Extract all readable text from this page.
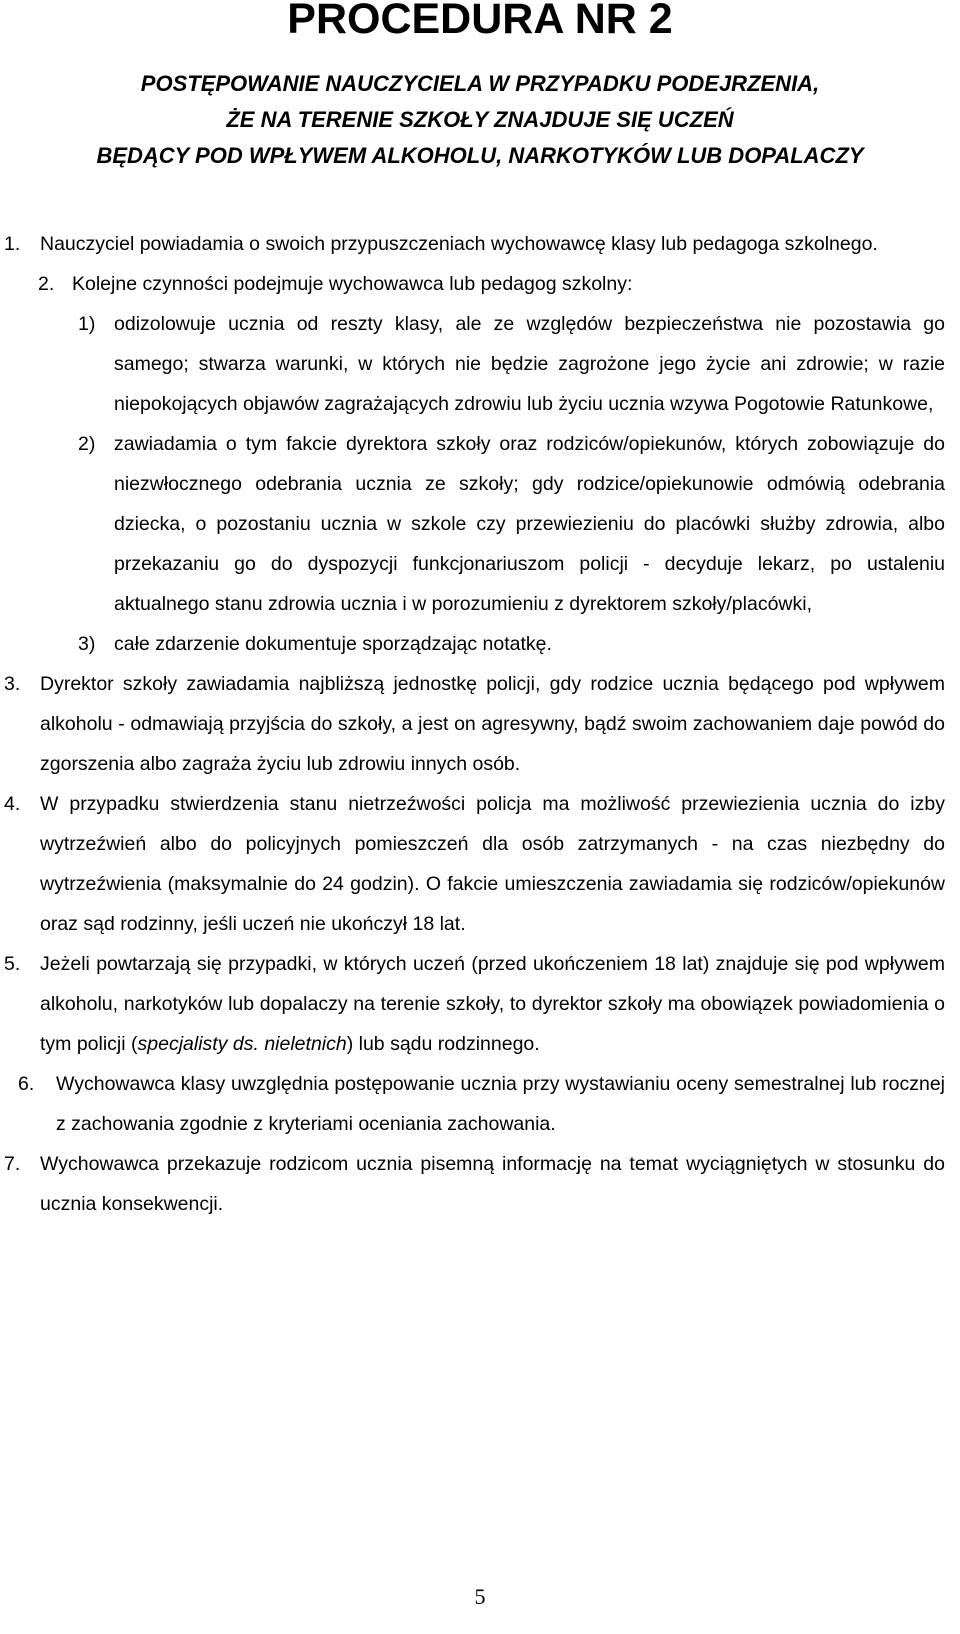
PROCEDURA NR 2
POSTĘPOWANIE NAUCZYCIELA W PRZYPADKU PODEJRZENIA,
ŻE NA TERENIE SZKOŁY ZNAJDUJE SIĘ UCZEŃ
BĘDĄCY POD WPŁYWEM ALKOHOLU, NARKOTYKÓW LUB DOPALACZY

1. Nauczyciel powiadamia o swoich przypuszczeniach wychowawcę klasy lub pedagoga szkolnego.

2. Kolejne czynności podejmuje wychowawca lub pedagog szkolny:

1) odizolowuje ucznia od reszty klasy, ale ze względów bezpieczeństwa nie pozostawia go samego; stwarza warunki, w których nie będzie zagrożone jego życie ani zdrowie; w razie niepokojących objawów zagrażających zdrowiu lub życiu ucznia wzywa Pogotowie Ratunkowe,

2) zawiadamia o tym fakcie dyrektora szkoły oraz rodziców/opiekunów, których zobowiązuje do niezwłocznego odebrania ucznia ze szkoły; gdy rodzice/opiekunowie odmówią odebrania dziecka, o pozostaniu ucznia w szkole czy przewiezieniu do placówki służby zdrowia, albo przekazaniu go do dyspozycji funkcjonariuszom policji - decyduje lekarz, po ustaleniu aktualnego stanu zdrowia ucznia i w porozumieniu z dyrektorem szkoły/placówki,

3) całe zdarzenie dokumentuje sporządzając notatkę.

3. Dyrektor szkoły zawiadamia najbliższą jednostkę policji, gdy rodzice ucznia będącego pod wpływem alkoholu - odmawiają przyjścia do szkoły, a jest on agresywny, bądź swoim zachowaniem daje powód do zgorszenia albo zagraża życiu lub zdrowiu innych osób.

4. W przypadku stwierdzenia stanu nietrzeźwości policja ma możliwość przewiezienia ucznia do izby wytrzeźwień albo do policyjnych pomieszczeń dla osób zatrzymanych - na czas niezbędny do wytrzeźwienia (maksymalnie do 24 godzin). O fakcie umieszczenia zawiadamia się rodziców/opiekunów oraz sąd rodzinny, jeśli uczeń nie ukończył 18 lat.

5. Jeżeli powtarzają się przypadki, w których uczeń (przed ukończeniem 18 lat) znajduje się pod wpływem alkoholu, narkotyków lub dopalaczy na terenie szkoły, to dyrektor szkoły ma obowiązek powiadomienia o tym policji (specjalisty ds. nieletnich) lub sądu rodzinnego.

6. Wychowawca klasy uwzględnia postępowanie ucznia przy wystawianiu oceny semestralnej lub rocznej z zachowania zgodnie z kryteriami oceniania zachowania.

7. Wychowawca przekazuje rodzicom ucznia pisemną informację na temat wyciągniętych w stosunku do ucznia konsekwencji.

5
